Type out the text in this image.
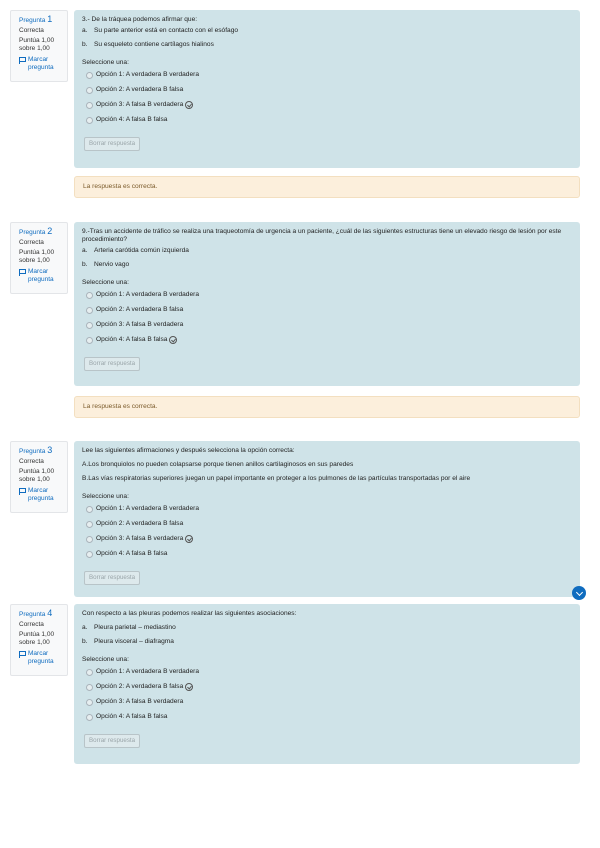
Pregunta 1
Correcta
Puntúa 1,00 sobre 1,00
Marcar pregunta

3.- De la tráquea podemos afirmar que:

a. Su parte anterior está en contacto con el esófago
b. Su esqueleto contiene cartílagos hialinos

Seleccione una:

Opción 1: A verdadera B verdadera
Opción 2: A verdadera B falsa
Opción 3: A falsa B verdadera
Opción 4: A falsa B falsa
Borrar respuesta
La respuesta es correcta.
Pregunta 2
Correcta
Puntúa 1,00 sobre 1,00
Marcar pregunta

9.-Tras un accidente de tráfico se realiza una traqueotomía de urgencia a un paciente, ¿cuál de las siguientes estructuras tiene un elevado riesgo de lesión por este procedimiento?

a. Arteria carótida común izquierda
b. Nervio vago

Seleccione una:

Opción 1: A verdadera B verdadera
Opción 2: A verdadera B falsa
Opción 3: A falsa B verdadera
Opción 4: A falsa B falsa
Borrar respuesta
La respuesta es correcta.
Pregunta 3
Correcta
Puntúa 1,00 sobre 1,00
Marcar pregunta

Lee las siguientes afirmaciones y después selecciona la opción correcta:

A.Los bronquiolos no pueden colapsarse porque tienen anillos cartilaginosos en sus paredes

B.Las vías respiratorias superiores juegan un papel importante en proteger a los pulmones de las partículas transportadas por el aire

Seleccione una:

Opción 1: A verdadera B verdadera
Opción 2: A verdadera B falsa
Opción 3: A falsa B verdadera
Opción 4: A falsa B falsa
Borrar respuesta
Pregunta 4
Correcta
Puntúa 1,00 sobre 1,00
Marcar pregunta

Con respecto a las pleuras podemos realizar las siguientes asociaciones:

a. Pleura parietal – mediastino
b. Pleura visceral – diafragma

Seleccione una:

Opción 1: A verdadera B verdadera
Opción 2: A verdadera B falsa
Opción 3: A falsa B verdadera
Opción 4: A falsa B falsa
Borrar respuesta
